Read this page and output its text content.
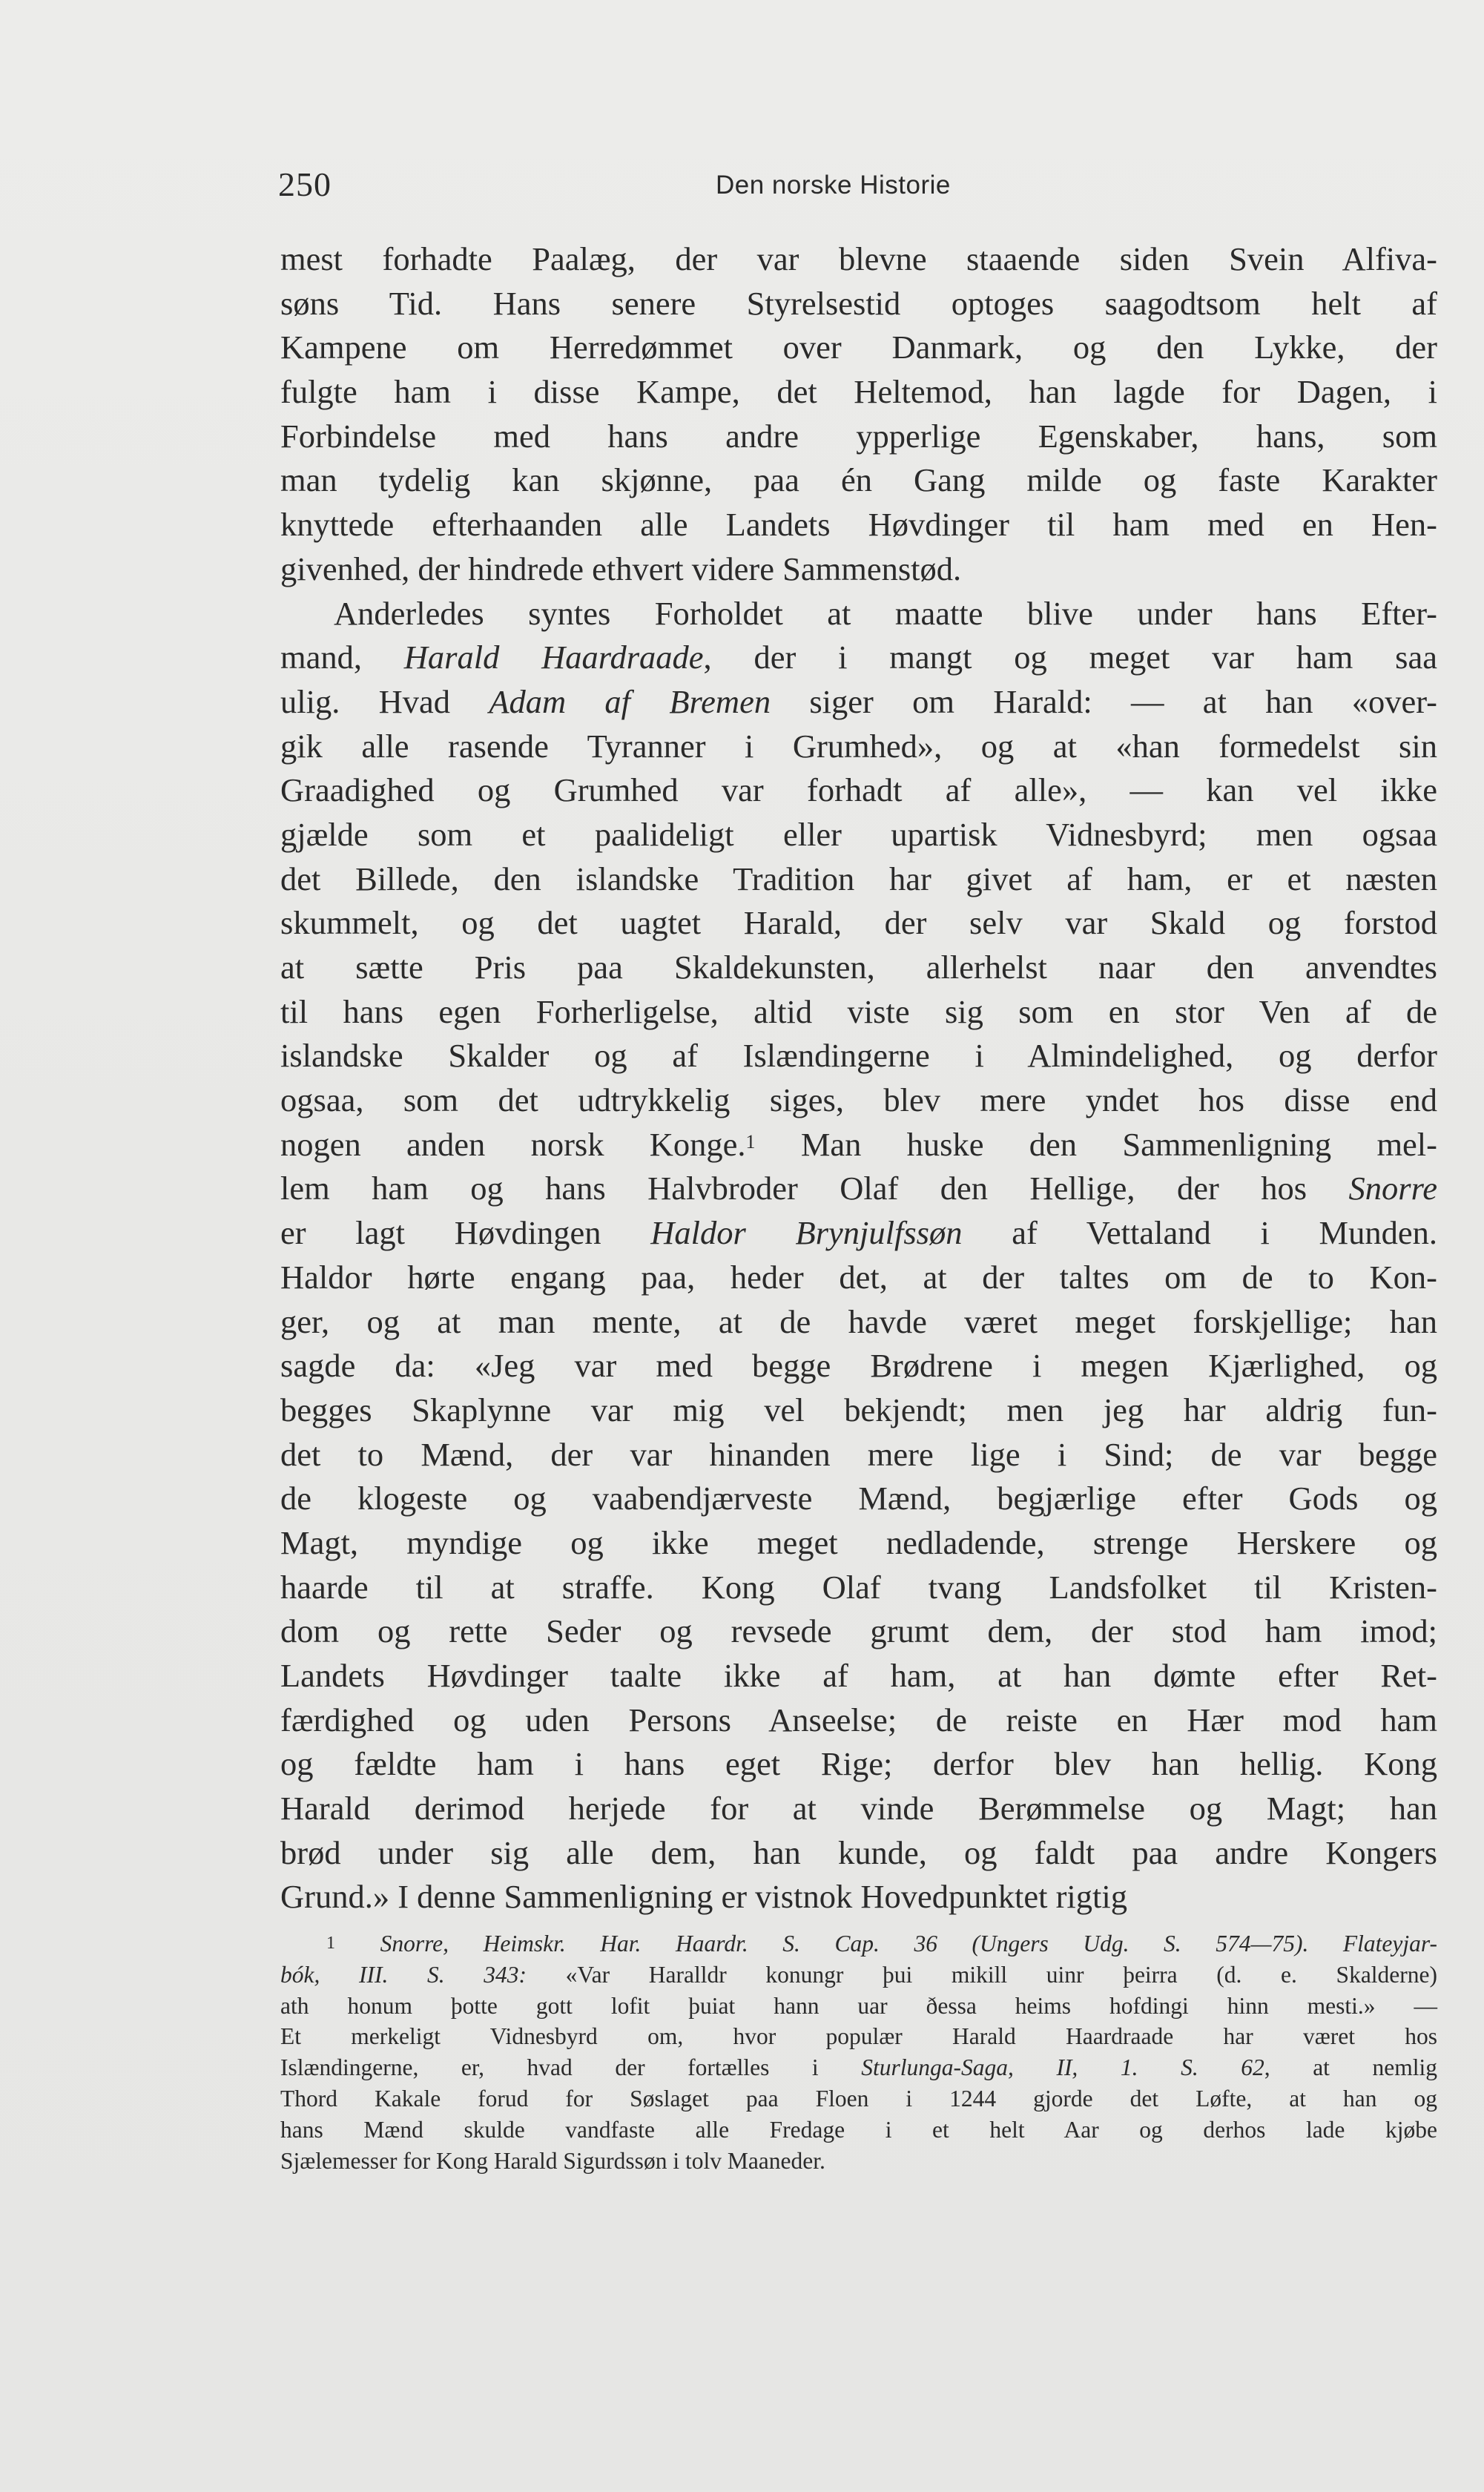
250	Den norske Historie
mest forhadte Paalæg, der var blevne staaende siden Svein Alfiva-
søns Tid. Hans senere Styrelsestid optoges saagodtsom helt af
Kampene om Herredømmet over Danmark, og den Lykke, der
fulgte ham i disse Kampe, det Heltemod, han lagde for Dagen, i
Forbindelse med hans andre ypperlige Egenskaber, hans, som
man tydelig kan skjønne, paa én Gang milde og faste Karakter
knyttede efterhaanden alle Landets Høvdinger til ham med en Hen-
givenhed, der hindrede ethvert videre Sammenstød.
Anderledes syntes Forholdet at maatte blive under hans Efter-
mand, Harald Haardraade, der i mangt og meget var ham saa
ulig. Hvad Adam af Bremen siger om Harald: — at han «over-
gik alle rasende Tyranner i Grumhed», og at «han formedelst sin
Graadighed og Grumhed var forhadt af alle», — kan vel ikke
gjælde som et paalideligt eller upartisk Vidnesbyrd; men ogsaa
det Billede, den islandske Tradition har givet af ham, er et næsten
skummelt, og det uagtet Harald, der selv var Skald og forstod
at sætte Pris paa Skaldekunsten, allerhelst naar den anvendtes
til hans egen Forherligelse, altid viste sig som en stor Ven af de
islandske Skalder og af Islændingerne i Almindelighed, og derfor
ogsaa, som det udtrykkelig siges, blev mere yndet hos disse end
nogen anden norsk Konge.$^1$ Man huske den Sammenligning mel-
lem ham og hans Halvbroder Olaf den Hellige, der hos Snorre
er lagt Høvdingen Haldor Brynjulfssøn af Vettaland i Munden.
Haldor hørte engang paa, heder det, at der taltes om de to Kon-
ger, og at man mente, at de havde været meget forskjellige; han
sagde da: «Jeg var med begge Brødrene i megen Kjærlighed, og
begges Skaplynne var mig vel bekjendt; men jeg har aldrig fun-
det to Mænd, der var hinanden mere lige i Sind; de var begge
de klogeste og vaabendjærveste Mænd, begjærlige efter Gods og
Magt, myndige og ikke meget nedladende, strenge Herskere og
haarde til at straffe. Kong Olaf tvang Landsfolket til Kristen-
dom og rette Seder og revsede grumt dem, der stod ham imod;
Landets Høvdinger taalte ikke af ham, at han dømte efter Ret-
færdighed og uden Persons Anseelse; de reiste en Hær mod ham
og fældte ham i hans eget Rige; derfor blev han hellig. Kong
Harald derimod herjede for at vinde Berømmelse og Magt; han
brød under sig alle dem, han kunde, og faldt paa andre Kongers
Grund.» I denne Sammenligning er vistnok Hovedpunktet rigtig
$^1$ Snorre, Heimskr. Har. Haardr. S. Cap. 36 (Ungers Udg. S. 574—75). Flateyjar-
bók, III. S. 343: «Var Haralldr konungr þui mikill uinr þeirra (d. e. Skalderne)
ath honum þotte gott lofit þuiat hann uar ðessa heims hofdingi hinn mesti.» —
Et merkeligt Vidnesbyrd om, hvor populær Harald Haardraade har været hos
Islændingerne, er, hvad der fortælles i Sturlunga-Saga, II, 1. S. 62, at nemlig
Thord Kakale forud for Søslaget paa Floen i 1244 gjorde det Løfte, at han og
hans Mænd skulde vandfaste alle Fredage i et helt Aar og derhos lade kjøbe
Sjælemesser for Kong Harald Sigurdssøn i tolv Maaneder.
